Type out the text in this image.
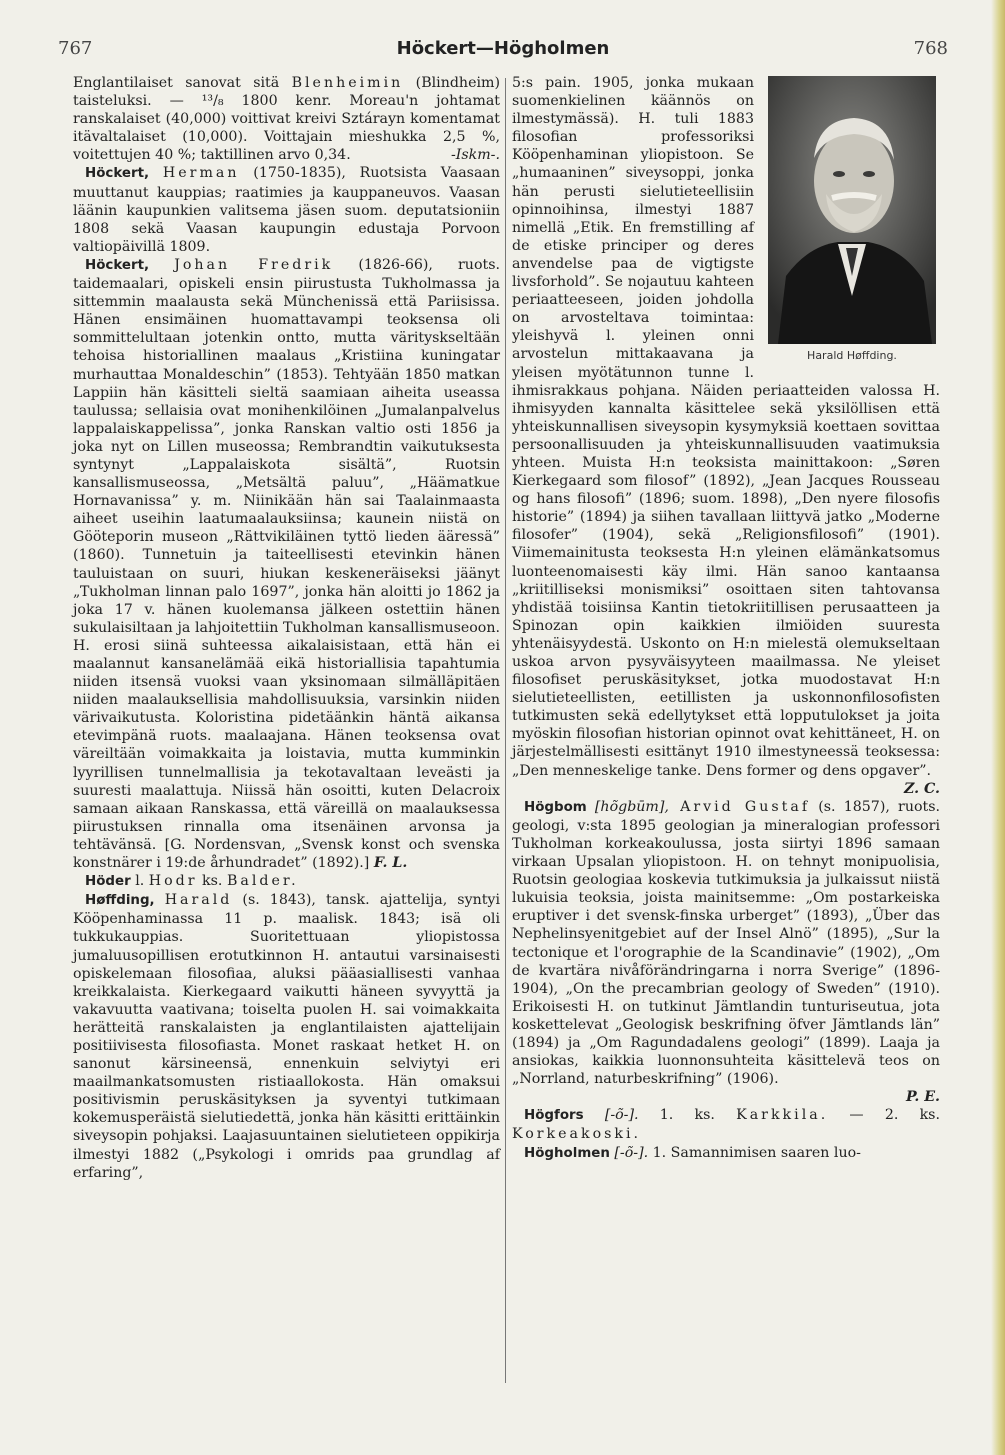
767	Höckert—Högholmen	768

Englantilaiset sanovat sitä Blenheimin (Blindheim) taisteluksi. — ¹³/₈ 1800 kenr. Moreau'n johtamat ranskalaiset (40,000) voittivat kreivi Sztárayn komentamat itävaltalaiset (10,000). Voittajain mieshukka 2,5 %, voitettujen 40 %; taktillinen arvo 0,34.	-Iskm-.

Höckert, Herman (1750-1835), Ruotsista Vaasaan muuttanut kauppias; raatimies ja kauppaneuvos. Vaasan läänin kaupunkien valitsema jäsen suom. deputatsioniin 1808 sekä Vaasan kaupungin edustaja Porvoon valtiopäivillä 1809.

Höckert, Johan Fredrik (1826-66), ruots. taidemaalari, opiskeli ensin piirustusta Tukholmassa ja sittemmin maalausta sekä Münchenissä että Pariisissa. Hänen ensimäinen huomattavampi teoksensa oli sommittelultaan jotenkin ontto, mutta värityskseltään tehoisa historiallinen maalaus „Kristiina kuningatar murhauttaa Monaldeschin” (1853). Tehtyään 1850 matkan Lappiin hän käsitteli sieltä saamiaan aiheita useassa taulussa; sellaisia ovat monihenkilöinen „Jumalanpalvelus lappalaiskappelissa”, jonka Ranskan valtio osti 1856 ja joka nyt on Lillen museossa; Rembrandtin vaikutuksesta syntynyt „Lappalaiskota sisältä”, Ruotsin kansallismuseossa, „Metsältä paluu”, „Häämatkue Hornavanissa” y. m. Niinikään hän sai Taalainmaasta aiheet useihin laatumaalauksiinsa; kaunein niistä on Gööteporin museon „Rättvikiläinen tyttö lieden ääressä” (1860). Tunnetuin ja taiteellisesti etevinkin hänen tauluistaan on suuri, hiukan keskeneräiseksi jäänyt „Tukholman linnan palo 1697”, jonka hän aloitti jo 1862 ja joka 17 v. hänen kuolemansa jälkeen ostettiin hänen sukulaisiltaan ja lahjoitettiin Tukholman kansallismuseoon. H. erosi siinä suhteessa aikalaisistaan, että hän ei maalannut kansanelämää eikä historiallisia tapahtumia niiden itsensä vuoksi vaan yksinomaan silmälläpitäen niiden maalauksellisia mahdollisuuksia, varsinkin niiden värivaikutusta. Koloristina pidetäänkin häntä aikansa etevimpänä ruots. maalaajana. Hänen teoksensa ovat väreiltään voimakkaita ja loistavia, mutta kumminkin lyyrillisen tunnelmallisia ja tekotavaltaan leveästi ja suuresti maalattuja. Niissä hän osoitti, kuten Delacroix samaan aikaan Ranskassa, että väreillä on maalauksessa piirustuksen rinnalla oma itsenäinen arvonsa ja tehtävänsä. [G. Nordensvan, „Svensk konst och svenska konstnärer i 19:de århundradet” (1892).] F. L.

Höder l. Hodr ks. Balder.

Høffding, Harald (s. 1843), tansk. ajattelija, syntyi Kööpenhaminassa 11 p. maalisk. 1843; isä oli tukkukauppias. Suoritettuaan yliopistossa jumaluusopillisen erotutkinnon H. antautui varsinaisesti opiskelemaan filosofiaa, aluksi pääasiallisesti vanhaa kreikkalaista. Kierkegaard vaikutti häneen syvyyttä ja vakavuutta vaativana; toiselta puolen H. sai voimakkaita herätteitä ranskalaisten ja englantilaisten ajattelijain positiivisesta filosofiasta. Monet raskaat hetket H. on sanonut kärsineensä, ennenkuin selviytyi eri maailmankatsomusten ristiaallokosta. Hän omaksui positivismin peruskäsityksen ja syventyi tutkimaan kokemusperäistä sielutiedettä, jonka hän käsitti erittäinkin siveysopin pohjaksi. Laajasuuntainen sielutieteen oppikirja ilmestyi 1882 („Psykologi i omrids paa grundlag af erfaring”,

Harald Høffding.

5:s pain. 1905, jonka mukaan suomenkielinen käännös on ilmestymässä). H. tuli 1883 filosofian professoriksi Kööpenhaminan yliopistoon. Se „humaaninen” siveysoppi, jonka hän perusti sielutieteellisiin opinnoihinsa, ilmestyi 1887 nimellä „Etik. En fremstilling af de etiske principer og deres anvendelse paa de vigtigste livsforhold”. Se nojautuu kahteen periaatteeseen, joiden johdolla on arvosteltava toimintaa: yleishyvä l. yleinen onni arvostelun mittakaavana ja yleisen myötätunnon tunne l. ihmisrakkaus pohjana. Näiden periaatteiden valossa H. ihmisyyden kannalta käsittelee sekä yksilöllisen että yhteiskunnallisen siveysopin kysymyksiä koettaen sovittaa persoonallisuuden ja yhteiskunnallisuuden vaatimuksia yhteen. Muista H:n teoksista mainittakoon: „Søren Kierkegaard som filosof” (1892), „Jean Jacques Rousseau og hans filosofi” (1896; suom. 1898), „Den nyere filosofis historie” (1894) ja siihen tavallaan liittyvä jatko „Moderne filosofer” (1904), sekä „Religionsfilosofi” (1901). Viimemainitusta teoksesta H:n yleinen elämänkatsomus luonteenomaisesti käy ilmi. Hän sanoo kantaansa „kriitilliseksi monismiksi” osoittaen siten tahtovansa yhdistää toisiinsa Kantin tietokriitillisen perusaatteen ja Spinozan opin kaikkien ilmiöiden suuresta yhtenäisyydestä. Uskonto on H:n mielestä olemukseltaan uskoa arvon pysyväisyyteen maailmassa. Ne yleiset filosofiset peruskäsitykset, jotka muodostavat H:n sielutieteellisten, eetillisten ja uskonnonfilosofisten tutkimusten sekä edellytykset että lopputulokset ja joita myöskin filosofian historian opinnot ovat kehittäneet, H. on järjestelmällisesti esittänyt 1910 ilmestyneessä teoksessa: „Den menneskelige tanke. Dens former og dens opgaver”.
Z. C.

Högbom [hõgbūm], Arvid Gustaf (s. 1857), ruots. geologi, v:sta 1895 geologian ja mineralogian professori Tukholman korkeakoulussa, josta siirtyi 1896 samaan virkaan Upsalan yliopistoon. H. on tehnyt monipuolisia, Ruotsin geologiaa koskevia tutkimuksia ja julkaissut niistä lukuisia teoksia, joista mainitsemme: „Om postarkeiska eruptiver i det svensk-finska urberget” (1893), „Über das Nephelinsyenitgebiet auf der Insel Alnö” (1895), „Sur la tectonique et l'orographie de la Scandinavie” (1902), „Om de kvartära nivåförändringarna i norra Sverige” (1896-1904), „On the precambrian geology of Sweden” (1910). Erikoisesti H. on tutkinut Jämtlandin tunturiseutua, jota koskettelevat „Geologisk beskrifning öfver Jämtlands län” (1894) ja „Om Ragundadalens geologi” (1899). Laaja ja ansiokas, kaikkia luonnonsuhteita käsittelevä teos on „Norrland, naturbeskrifning” (1906).
P. E.

Högfors [-õ-]. 1. ks. Karkkila. — 2. ks. Korkeakoski.

Högholmen [-õ-]. 1. Samannimisen saaren luo-
